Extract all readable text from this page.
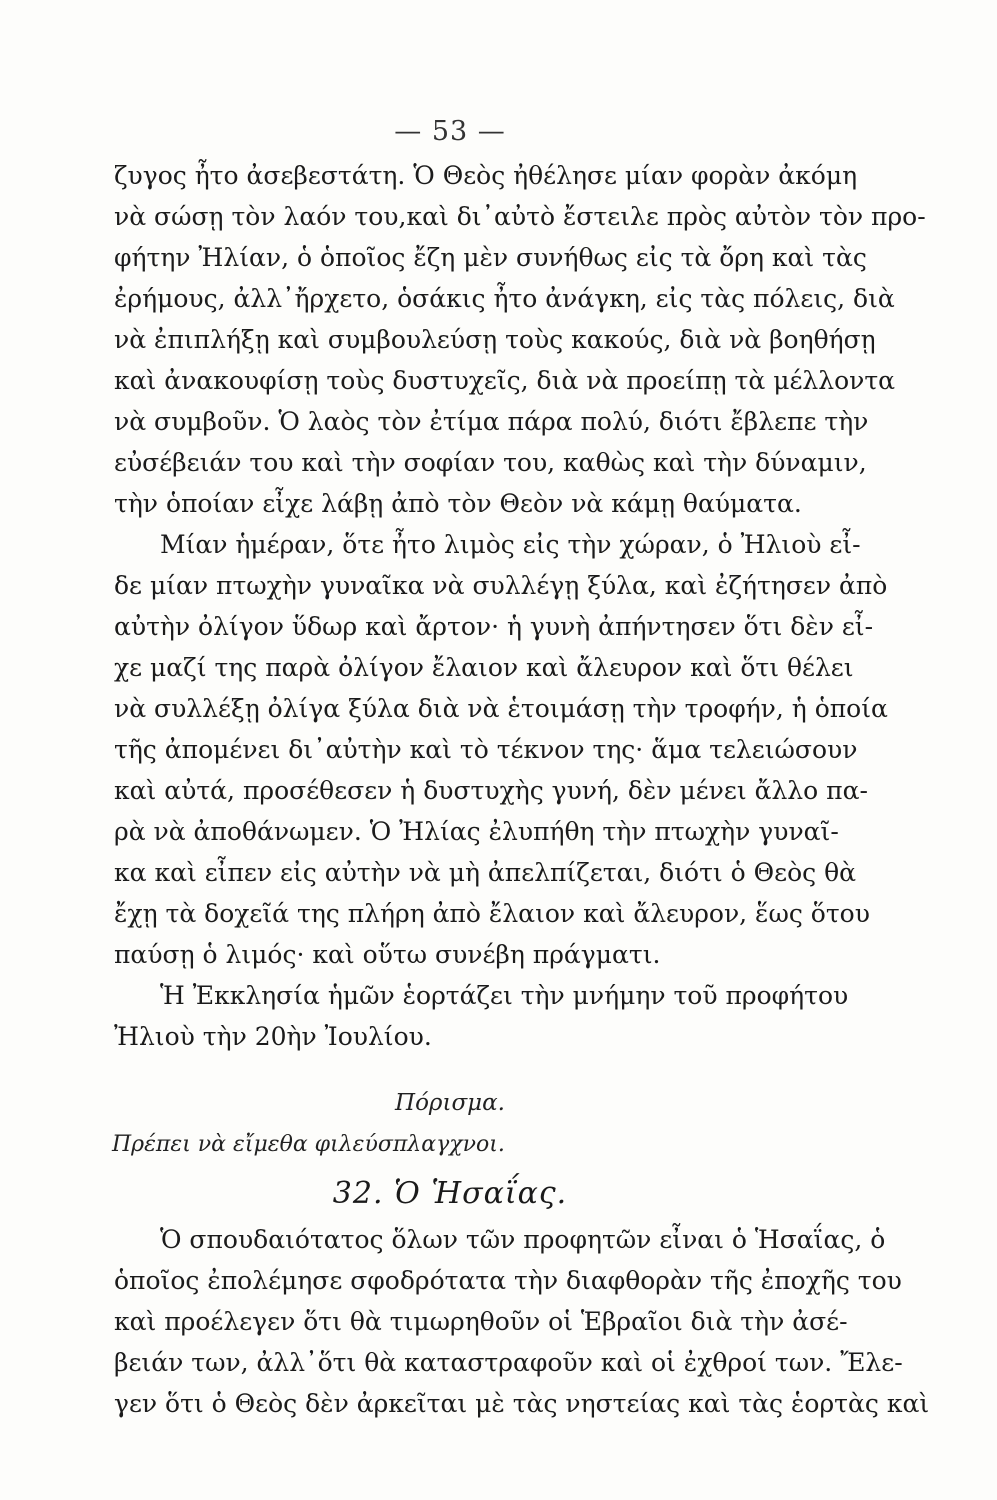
— 53 —
ζυγος ἦτο ἀσεβεστάτη. Ὁ Θεὸς ἠθέλησε μίαν φορὰν ἀκόμη
νὰ σώσῃ τὸν λαόν του,καὶ δι᾽αὐτὸ ἔστειλε πρὸς αὐτὸν τὸν προ-
φήτην Ἠλίαν, ὁ ὁποῖος ἔζη μὲν συνήθως εἰς τὰ ὄρη καὶ τὰς
ἐρήμους, ἀλλ᾽ἤρχετο, ὁσάκις ἦτο ἀνάγκη, εἰς τὰς πόλεις, διὰ
νὰ ἐπιπλήξῃ καὶ συμβουλεύσῃ τοὺς κακούς, διὰ νὰ βοηθήσῃ
καὶ ἀνακουφίσῃ τοὺς δυστυχεῖς, διὰ νὰ προείπῃ τὰ μέλλοντα
νὰ συμβοῦν. Ὁ λαὸς τὸν ἐτίμα πάρα πολύ, διότι ἔβλεπε τὴν
εὐσέβειάν του καὶ τὴν σοφίαν του, καθὼς καὶ τὴν δύναμιν,
τὴν ὁποίαν εἶχε λάβῃ ἀπὸ τὸν Θεὸν νὰ κάμῃ θαύματα.
Μίαν ἡμέραν, ὅτε ἦτο λιμὸς εἰς τὴν χώραν, ὁ Ἠλιοὺ εἶ-
δε μίαν πτωχὴν γυναῖκα νὰ συλλέγῃ ξύλα, καὶ ἐζήτησεν ἀπὸ
αὐτὴν ὀλίγον ὕδωρ καὶ ἄρτον· ἡ γυνὴ ἀπήντησεν ὅτι δὲν εἶ-
χε μαζί της παρὰ ὀλίγον ἔλαιον καὶ ἄλευρον καὶ ὅτι θέλει
νὰ συλλέξῃ ὀλίγα ξύλα διὰ νὰ ἑτοιμάσῃ τὴν τροφήν, ἡ ὁποία
τῆς ἀπομένει δι᾽αὐτὴν καὶ τὸ τέκνον της· ἅμα τελειώσουν
καὶ αὐτά, προσέθεσεν ἡ δυστυχὴς γυνή, δὲν μένει ἄλλο πα-
ρὰ νὰ ἀποθάνωμεν. Ὁ Ἠλίας ἐλυπήθη τὴν πτωχὴν γυναῖ-
κα καὶ εἶπεν εἰς αὐτὴν νὰ μὴ ἀπελπίζεται, διότι ὁ Θεὸς θὰ
ἔχῃ τὰ δοχεῖά της πλήρη ἀπὸ ἔλαιον καὶ ἄλευρον, ἕως ὅτου
παύσῃ ὁ λιμός· καὶ οὕτω συνέβη πράγματι.
Ἡ Ἐκκλησία ἡμῶν ἑορτάζει τὴν μνήμην τοῦ προφήτου
Ἠλιοὺ τὴν 20ὴν Ἰουλίου.
Πόρισμα.
Πρέπει νὰ εἴμεθα φιλεύσπλαγχνοι.
32. Ὁ Ἡσαΐας.
Ὁ σπουδαιότατος ὅλων τῶν προφητῶν εἶναι ὁ Ἡσαΐας, ὁ
ὁποῖος ἐπολέμησε σφοδρότατα τὴν διαφθορὰν τῆς ἐποχῆς του
καὶ προέλεγεν ὅτι θὰ τιμωρηθοῦν οἱ Ἑβραῖοι διὰ τὴν ἀσέ-
βειάν των, ἀλλ᾽ὅτι θὰ καταστραφοῦν καὶ οἱ ἐχθροί των. Ἔλε-
γεν ὅτι ὁ Θεὸς δὲν ἀρκεῖται μὲ τὰς νηστείας καὶ τὰς ἑορτὰς καὶ
